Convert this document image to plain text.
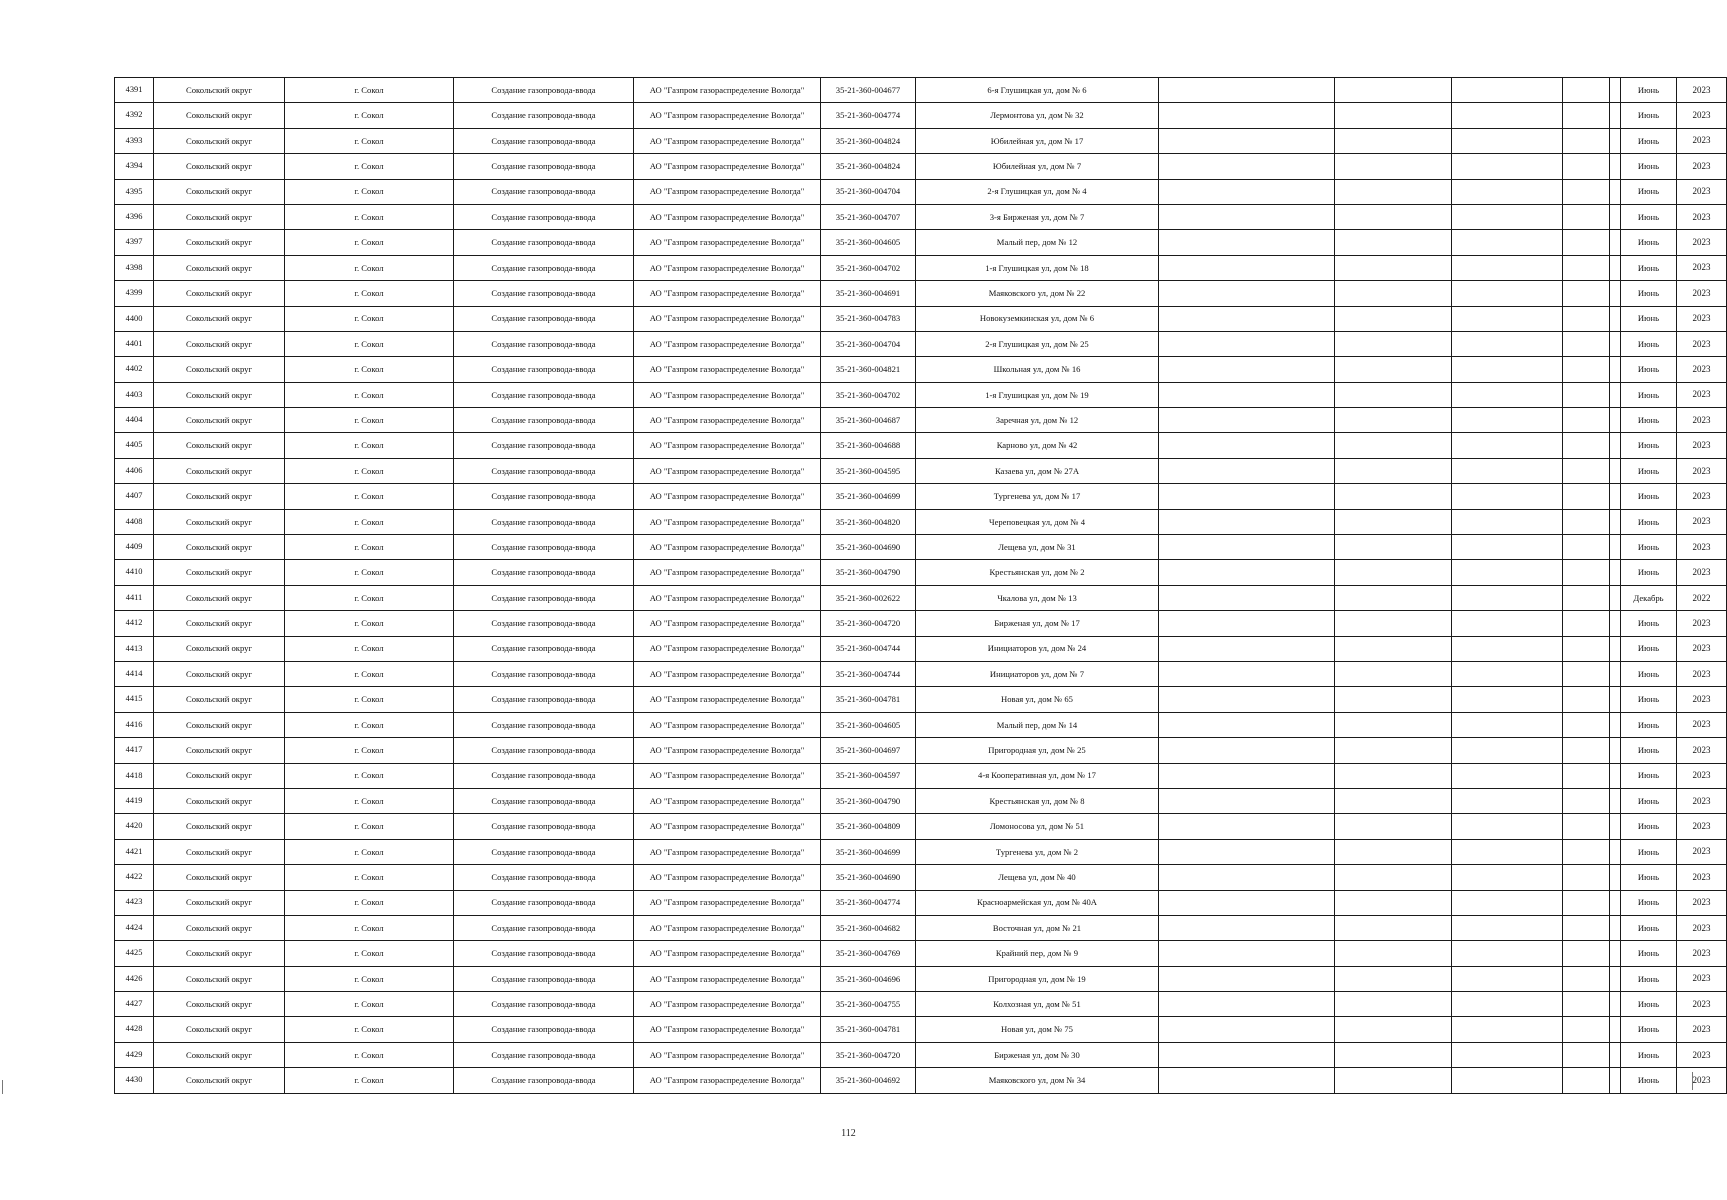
4391	Сокольский округ	г. Сокол	Создание газопровода-ввода	АО "Газпром газораспределение Вологда"	35-21-360-004677	6-я Глушицкая ул, дом № 6						Июнь	2023
4392	Сокольский округ	г. Сокол	Создание газопровода-ввода	АО "Газпром газораспределение Вологда"	35-21-360-004774	Лермонтова ул, дом № 32						Июнь	2023
4393	Сокольский округ	г. Сокол	Создание газопровода-ввода	АО "Газпром газораспределение Вологда"	35-21-360-004824	Юбилейная ул, дом № 17						Июнь	2023
4394	Сокольский округ	г. Сокол	Создание газопровода-ввода	АО "Газпром газораспределение Вологда"	35-21-360-004824	Юбилейная ул, дом № 7						Июнь	2023
4395	Сокольский округ	г. Сокол	Создание газопровода-ввода	АО "Газпром газораспределение Вологда"	35-21-360-004704	2-я Глушицкая ул, дом № 4						Июнь	2023
4396	Сокольский округ	г. Сокол	Создание газопровода-ввода	АО "Газпром газораспределение Вологда"	35-21-360-004707	3-я Бирженая ул, дом № 7						Июнь	2023
4397	Сокольский округ	г. Сокол	Создание газопровода-ввода	АО "Газпром газораспределение Вологда"	35-21-360-004605	Малый пер, дом № 12						Июнь	2023
4398	Сокольский округ	г. Сокол	Создание газопровода-ввода	АО "Газпром газораспределение Вологда"	35-21-360-004702	1-я Глушицкая ул, дом № 18						Июнь	2023
4399	Сокольский округ	г. Сокол	Создание газопровода-ввода	АО "Газпром газораспределение Вологда"	35-21-360-004691	Маяковского ул, дом № 22						Июнь	2023
4400	Сокольский округ	г. Сокол	Создание газопровода-ввода	АО "Газпром газораспределение Вологда"	35-21-360-004783	Новокуземкинская ул, дом № 6						Июнь	2023
4401	Сокольский округ	г. Сокол	Создание газопровода-ввода	АО "Газпром газораспределение Вологда"	35-21-360-004704	2-я Глушицкая ул, дом № 25						Июнь	2023
4402	Сокольский округ	г. Сокол	Создание газопровода-ввода	АО "Газпром газораспределение Вологда"	35-21-360-004821	Школьная ул, дом № 16						Июнь	2023
4403	Сокольский округ	г. Сокол	Создание газопровода-ввода	АО "Газпром газораспределение Вологда"	35-21-360-004702	1-я Глушицкая ул, дом № 19						Июнь	2023
4404	Сокольский округ	г. Сокол	Создание газопровода-ввода	АО "Газпром газораспределение Вологда"	35-21-360-004687	Заречная ул, дом № 12						Июнь	2023
4405	Сокольский округ	г. Сокол	Создание газопровода-ввода	АО "Газпром газораспределение Вологда"	35-21-360-004688	Карново ул, дом № 42						Июнь	2023
4406	Сокольский округ	г. Сокол	Создание газопровода-ввода	АО "Газпром газораспределение Вологда"	35-21-360-004595	Казаева ул, дом № 27А						Июнь	2023
4407	Сокольский округ	г. Сокол	Создание газопровода-ввода	АО "Газпром газораспределение Вологда"	35-21-360-004699	Тургенева ул, дом № 17						Июнь	2023
4408	Сокольский округ	г. Сокол	Создание газопровода-ввода	АО "Газпром газораспределение Вологда"	35-21-360-004820	Череповецкая ул, дом № 4						Июнь	2023
4409	Сокольский округ	г. Сокол	Создание газопровода-ввода	АО "Газпром газораспределение Вологда"	35-21-360-004690	Лещева ул, дом № 31						Июнь	2023
4410	Сокольский округ	г. Сокол	Создание газопровода-ввода	АО "Газпром газораспределение Вологда"	35-21-360-004790	Крестьянская ул, дом № 2						Июнь	2023
4411	Сокольский округ	г. Сокол	Создание газопровода-ввода	АО "Газпром газораспределение Вологда"	35-21-360-002622	Чкалова ул, дом № 13						Декабрь	2022
4412	Сокольский округ	г. Сокол	Создание газопровода-ввода	АО "Газпром газораспределение Вологда"	35-21-360-004720	Бирженая ул, дом № 17						Июнь	2023
4413	Сокольский округ	г. Сокол	Создание газопровода-ввода	АО "Газпром газораспределение Вологда"	35-21-360-004744	Инициаторов ул, дом № 24						Июнь	2023
4414	Сокольский округ	г. Сокол	Создание газопровода-ввода	АО "Газпром газораспределение Вологда"	35-21-360-004744	Инициаторов ул, дом № 7						Июнь	2023
4415	Сокольский округ	г. Сокол	Создание газопровода-ввода	АО "Газпром газораспределение Вологда"	35-21-360-004781	Новая ул, дом № 65						Июнь	2023
4416	Сокольский округ	г. Сокол	Создание газопровода-ввода	АО "Газпром газораспределение Вологда"	35-21-360-004605	Малый пер, дом № 14						Июнь	2023
4417	Сокольский округ	г. Сокол	Создание газопровода-ввода	АО "Газпром газораспределение Вологда"	35-21-360-004697	Пригородная ул, дом № 25						Июнь	2023
4418	Сокольский округ	г. Сокол	Создание газопровода-ввода	АО "Газпром газораспределение Вологда"	35-21-360-004597	4-я Кооперативная ул, дом № 17						Июнь	2023
4419	Сокольский округ	г. Сокол	Создание газопровода-ввода	АО "Газпром газораспределение Вологда"	35-21-360-004790	Крестьянская ул, дом № 8						Июнь	2023
4420	Сокольский округ	г. Сокол	Создание газопровода-ввода	АО "Газпром газораспределение Вологда"	35-21-360-004809	Ломоносова ул, дом № 51						Июнь	2023
4421	Сокольский округ	г. Сокол	Создание газопровода-ввода	АО "Газпром газораспределение Вологда"	35-21-360-004699	Тургенева ул, дом № 2						Июнь	2023
4422	Сокольский округ	г. Сокол	Создание газопровода-ввода	АО "Газпром газораспределение Вологда"	35-21-360-004690	Лещева ул, дом № 40						Июнь	2023
4423	Сокольский округ	г. Сокол	Создание газопровода-ввода	АО "Газпром газораспределение Вологда"	35-21-360-004774	Красноармейская ул, дом № 40А						Июнь	2023
4424	Сокольский округ	г. Сокол	Создание газопровода-ввода	АО "Газпром газораспределение Вологда"	35-21-360-004682	Восточная ул, дом № 21						Июнь	2023
4425	Сокольский округ	г. Сокол	Создание газопровода-ввода	АО "Газпром газораспределение Вологда"	35-21-360-004769	Крайний пер, дом № 9						Июнь	2023
4426	Сокольский округ	г. Сокол	Создание газопровода-ввода	АО "Газпром газораспределение Вологда"	35-21-360-004696	Пригородная ул, дом № 19						Июнь	2023
4427	Сокольский округ	г. Сокол	Создание газопровода-ввода	АО "Газпром газораспределение Вологда"	35-21-360-004755	Колхозная ул, дом № 51						Июнь	2023
4428	Сокольский округ	г. Сокол	Создание газопровода-ввода	АО "Газпром газораспределение Вологда"	35-21-360-004781	Новая ул, дом № 75						Июнь	2023
4429	Сокольский округ	г. Сокол	Создание газопровода-ввода	АО "Газпром газораспределение Вологда"	35-21-360-004720	Бирженая ул, дом № 30						Июнь	2023
4430	Сокольский округ	г. Сокол	Создание газопровода-ввода	АО "Газпром газораспределение Вологда"	35-21-360-004692	Маяковского ул, дом № 34						Июнь	2023
112
